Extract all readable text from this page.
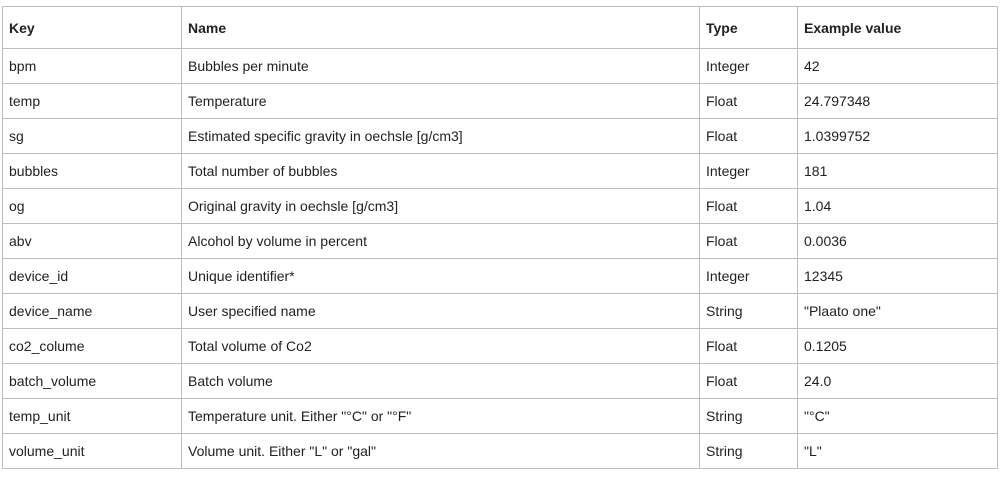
Key	Name	Type	Example value
bpm	Bubbles per minute	Integer	42
temp	Temperature	Float	24.797348
sg	Estimated specific gravity in oechsle [g/cm3]	Float	1.0399752
bubbles	Total number of bubbles	Integer	181
og	Original gravity in oechsle [g/cm3]	Float	1.04
abv	Alcohol by volume in percent	Float	0.0036
device_id	Unique identifier*	Integer	12345
device_name	User specified name	String	"Plaato one"
co2_colume	Total volume of Co2	Float	0.1205
batch_volume	Batch volume	Float	24.0
temp_unit	Temperature unit. Either "°C" or "°F"	String	"°C"
volume_unit	Volume unit. Either "L" or "gal"	String	"L"
